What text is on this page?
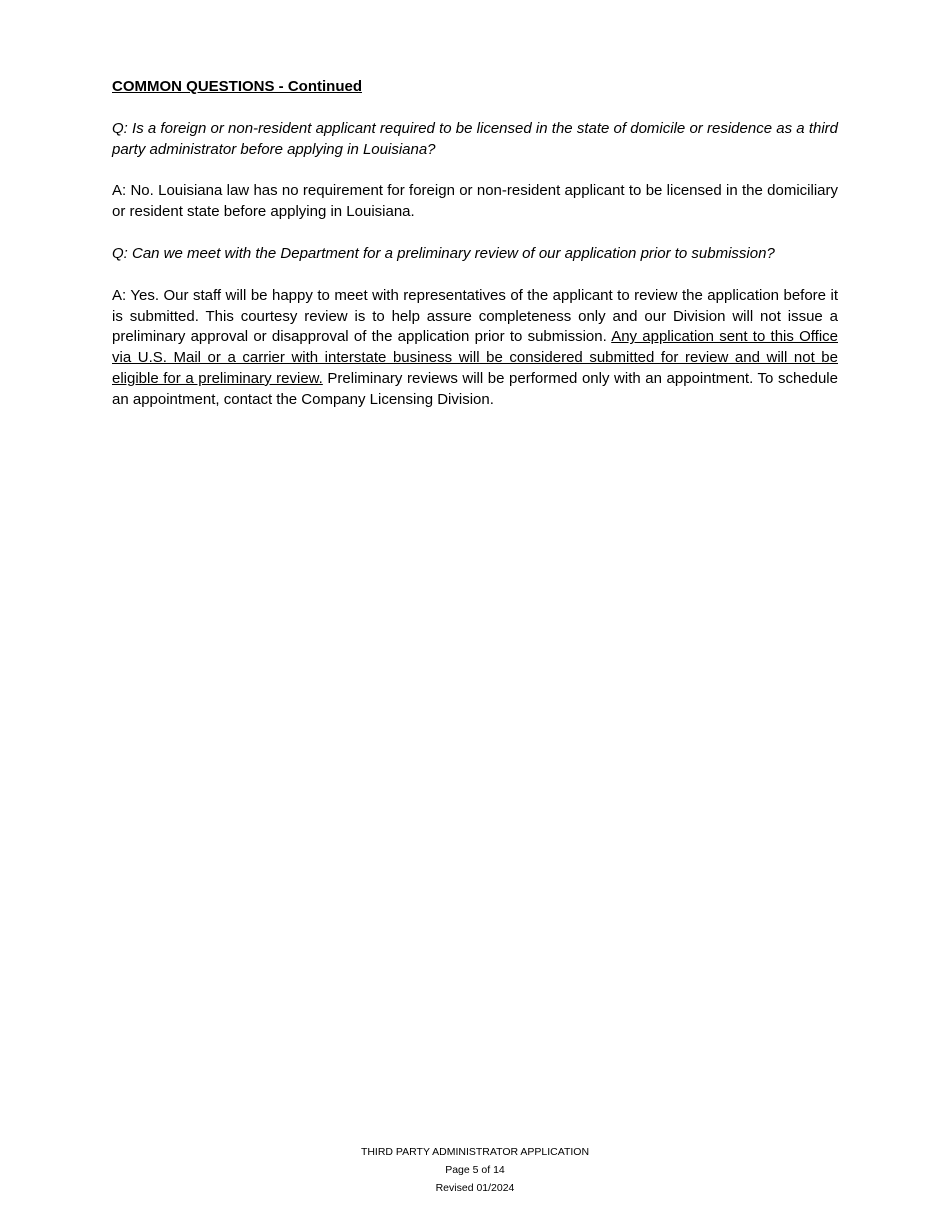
COMMON QUESTIONS - Continued

Q: Is a foreign or non-resident applicant required to be licensed in the state of domicile or residence as a third party administrator before applying in Louisiana?

A: No. Louisiana law has no requirement for foreign or non-resident applicant to be licensed in the domiciliary or resident state before applying in Louisiana.

Q: Can we meet with the Department for a preliminary review of our application prior to submission?

A: Yes. Our staff will be happy to meet with representatives of the applicant to review the application before it is submitted. This courtesy review is to help assure completeness only and our Division will not issue a preliminary approval or disapproval of the application prior to submission. Any application sent to this Office via U.S. Mail or a carrier with interstate business will be considered submitted for review and will not be eligible for a preliminary review. Preliminary reviews will be performed only with an appointment. To schedule an appointment, contact the Company Licensing Division.

THIRD PARTY ADMINISTRATOR APPLICATION
Page 5 of 14
Revised 01/2024
